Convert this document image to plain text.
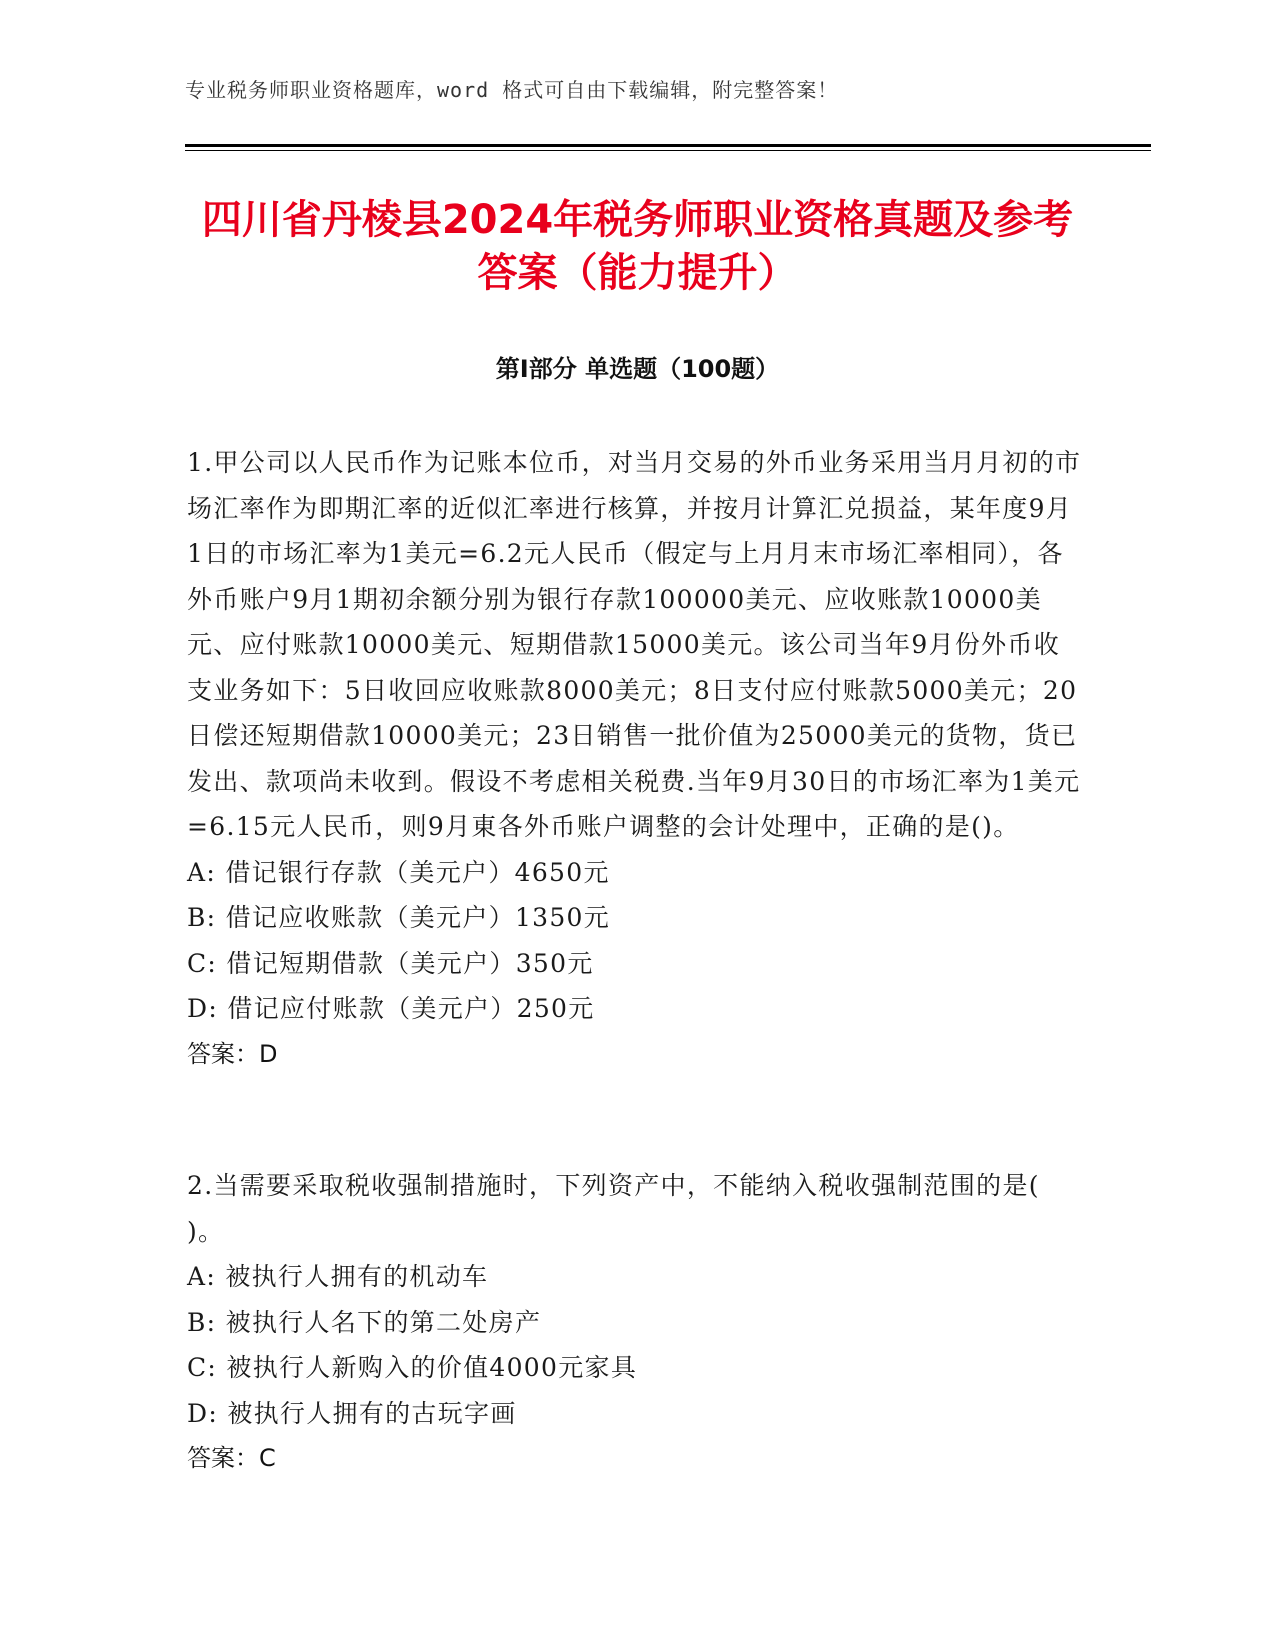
专业税务师职业资格题库，word 格式可自由下载编辑，附完整答案！
四川省丹棱县2024年税务师职业资格真题及参考答案（能力提升）
第Ⅰ部分 单选题（100题）

1.甲公司以人民币作为记账本位币，对当月交易的外币业务采用当月月初的市场汇率作为即期汇率的近似汇率进行核算，并按月计算汇兑损益，某年度9月1日的市场汇率为1美元=6.2元人民币（假定与上月月末市场汇率相同），各外币账户9月1期初余额分别为银行存款100000美元、应收账款10000美元、应付账款10000美元、短期借款15000美元。该公司当年9月份外币收支业务如下：5日收回应收账款8000美元；8日支付应付账款5000美元；20日偿还短期借款10000美元；23日销售一批价值为25000美元的货物，货已发出、款项尚未收到。假设不考虑相关税费.当年9月30日的市场汇率为1美元=6.15元人民币，则9月東各外币账户调整的会计处理中，正确的是()。

A: 借记银行存款（美元户）4650元

B: 借记应收账款（美元户）1350元

C: 借记短期借款（美元户）350元

D: 借记应付账款（美元户）250元

答案：D

2.当需要采取税收强制措施时，下列资产中，不能纳入税收强制范围的是(　　)。

A: 被执行人拥有的机动车

B: 被执行人名下的第二处房产

C: 被执行人新购入的价值4000元家具

D: 被执行人拥有的古玩字画

答案：C
